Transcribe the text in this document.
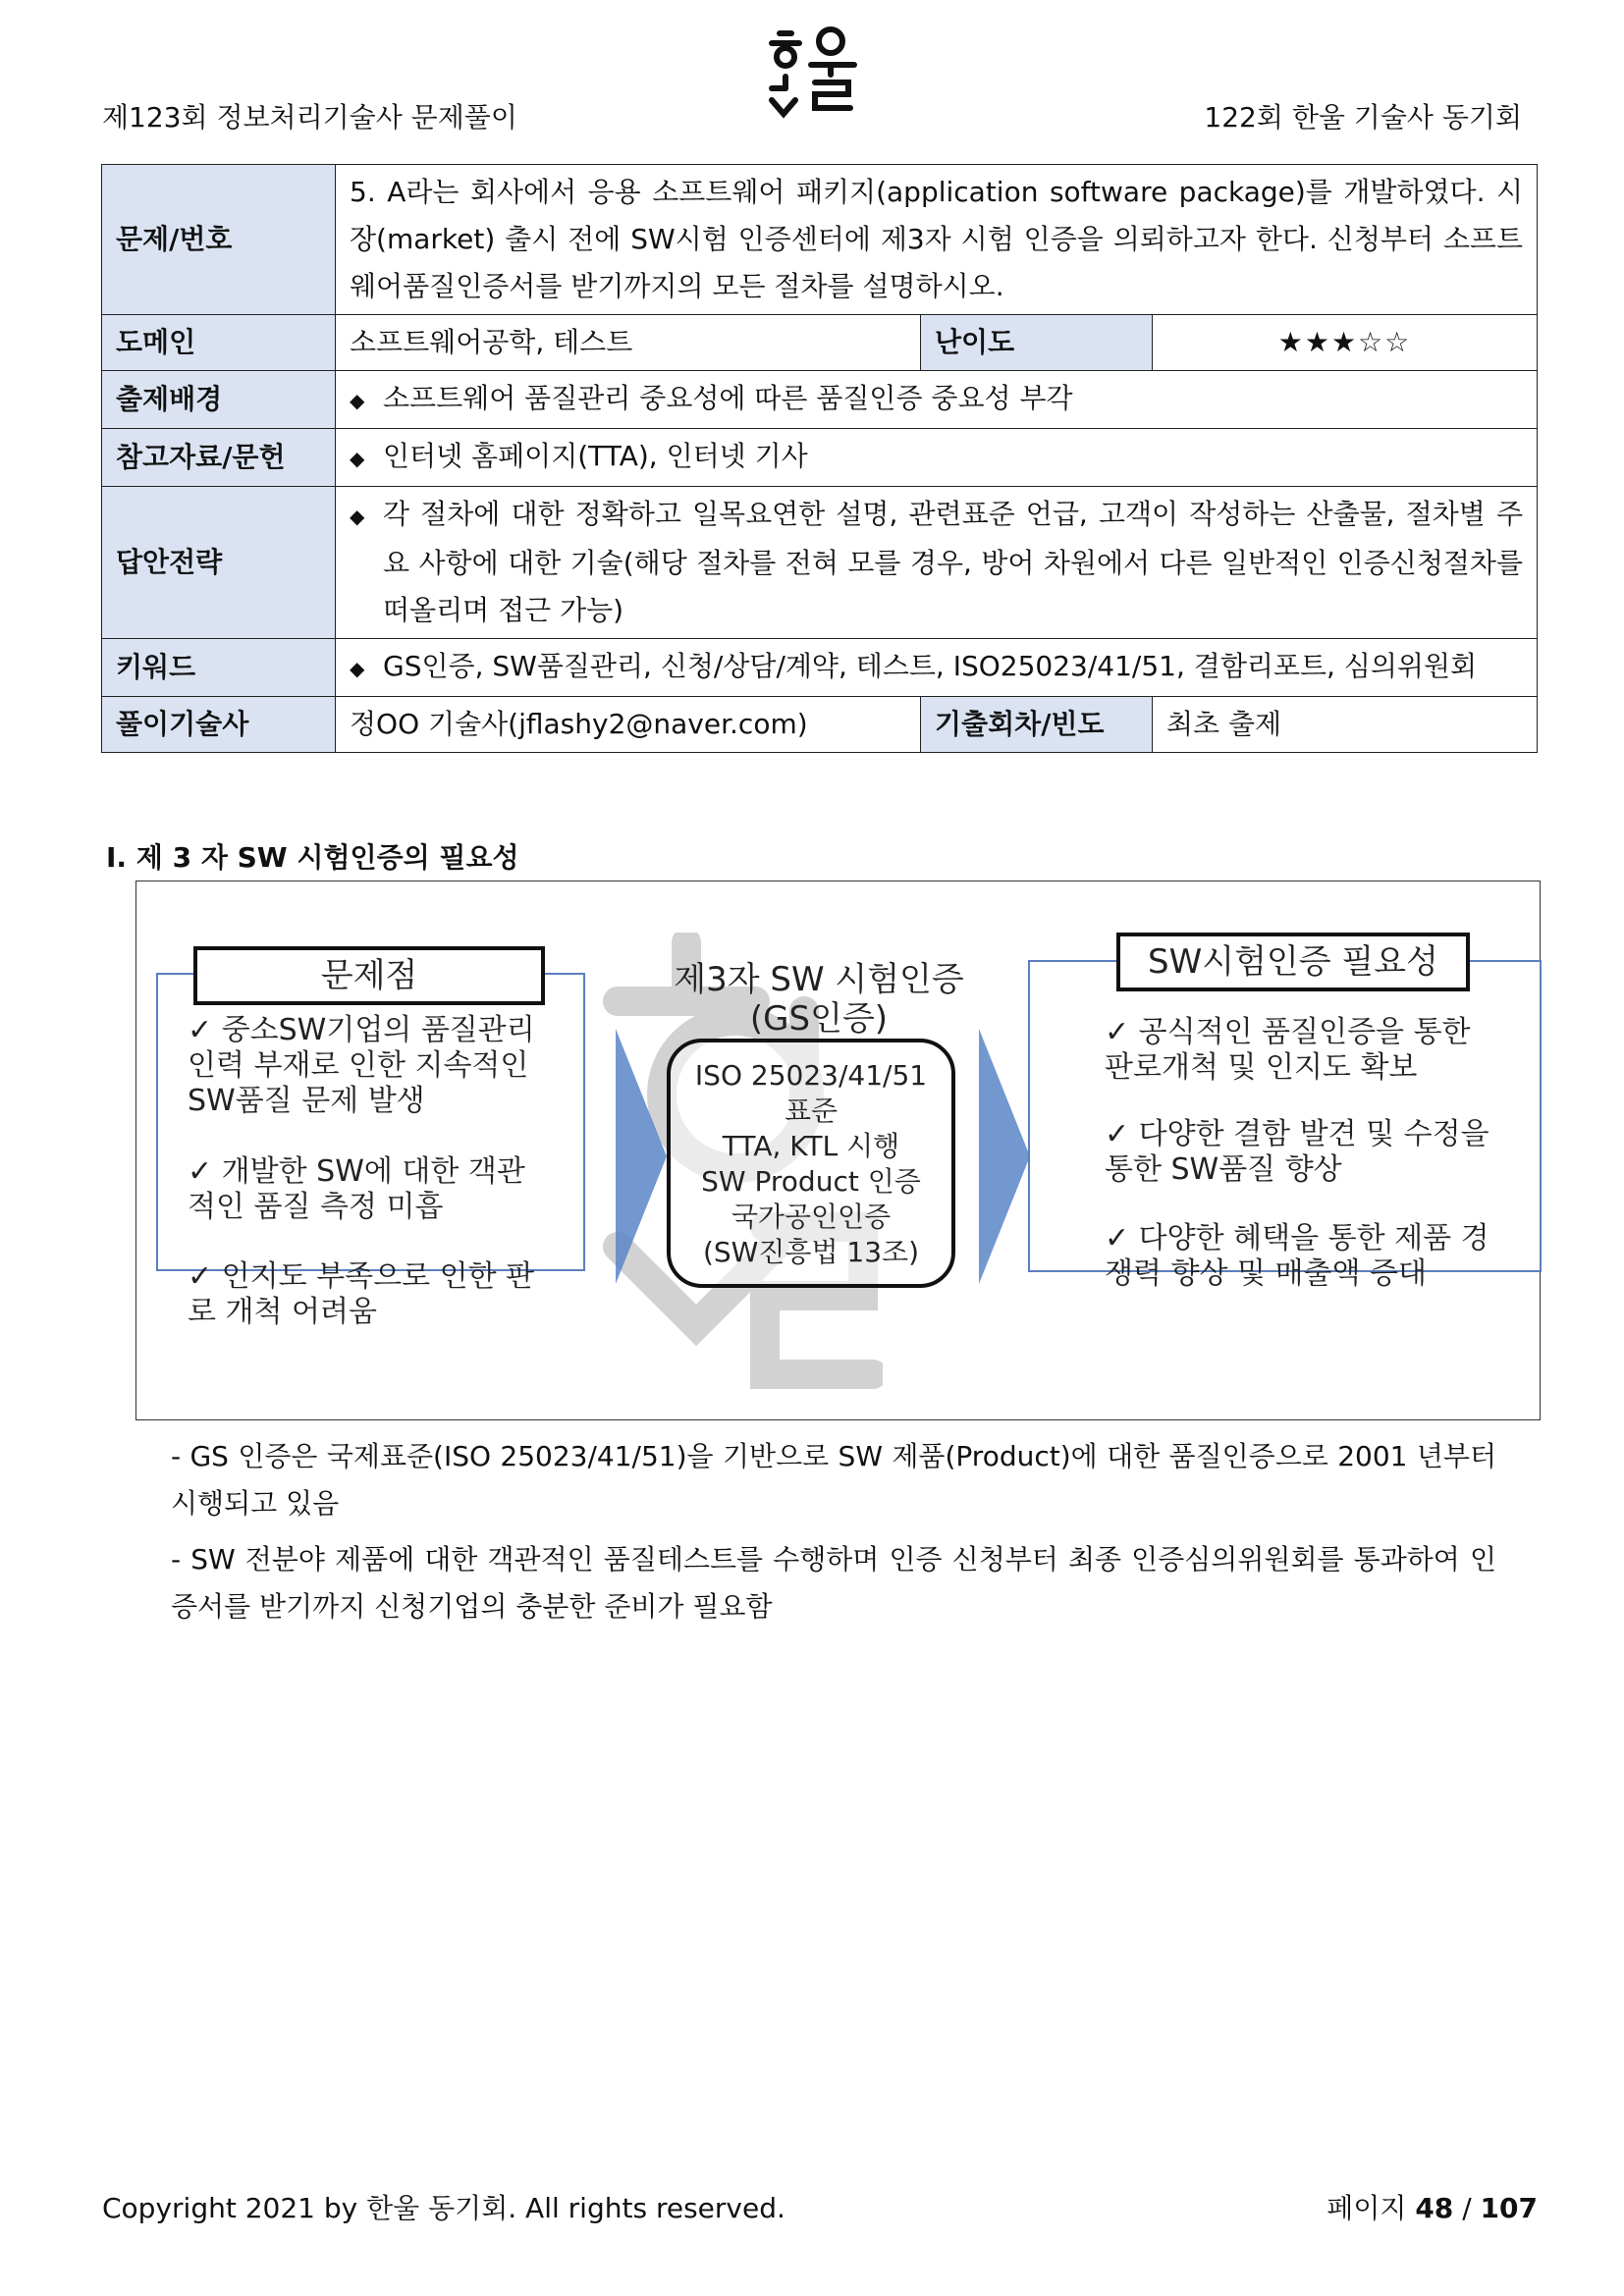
제123회 정보처리기술사 문제풀이	122회 한울 기술사 동기회
문제/번호	5. A라는 회사에서 응용 소프트웨어 패키지(application software package)를 개발하였다. 시장(market) 출시 전에 SW시험 인증센터에 제3자 시험 인증을 의뢰하고자 한다. 신청부터 소프트웨어품질인증서를 받기까지의 모든 절차를 설명하시오.		
도메인	소프트웨어공학, 테스트	난이도	★★★☆☆
출제배경	◆ 소프트웨어 품질관리 중요성에 따른 품질인증 중요성 부각		

참고자료/문헌	◆ 인터넷 홈페이지(TTA), 인터넷 기사		

답안전략	◆ 각 절차에 대한 정확하고 일목요연한 설명, 관련표준 언급, 고객이 작성하는 산출물, 절차별 주요 사항에 대한 기술(해당 절차를 전혀 모를 경우, 방어 차원에서 다른 일반적인 인증신청절차를 떠올리며 접근 가능)		

키워드	◆ GS인증, SW품질관리, 신청/상담/계약, 테스트, ISO25023/41/51, 결함리포트, 심의위원회		

풀이기술사	정OO 기술사(jflashy2@naver.com)	기출회차/빈도	최초 출제
I. 제 3 자 SW 시험인증의 필요성
문제점
✓ 중소SW기업의 품질관리 인력 부재로 인한 지속적인 SW품질 문제 발생
✓ 개발한 SW에 대한 객관적인 품질 측정 미흡
✓ 인지도 부족으로 인한 판로 개척 어려움
제3자 SW 시험인증
(GS인증)
ISO 25023/41/51
표준
TTA, KTL 시행
SW Product 인증
국가공인인증
(SW진흥법 13조)
SW시험인증 필요성
✓ 공식적인 품질인증을 통한 판로개척 및 인지도 확보
✓ 다양한 결함 발견 및 수정을 통한 SW품질 향상
✓ 다양한 혜택을 통한 제품 경쟁력 향상 및 매출액 증대
- GS 인증은 국제표준(ISO 25023/41/51)을 기반으로 SW 제품(Product)에 대한 품질인증으로 2001 년부터 시행되고 있음
- SW 전분야 제품에 대한 객관적인 품질테스트를 수행하며 인증 신청부터 최종 인증심의위원회를 통과하여 인증서를 받기까지 신청기업의 충분한 준비가 필요함
Copyright 2021 by 한울 동기회. All rights reserved.	페이지 48 / 107
